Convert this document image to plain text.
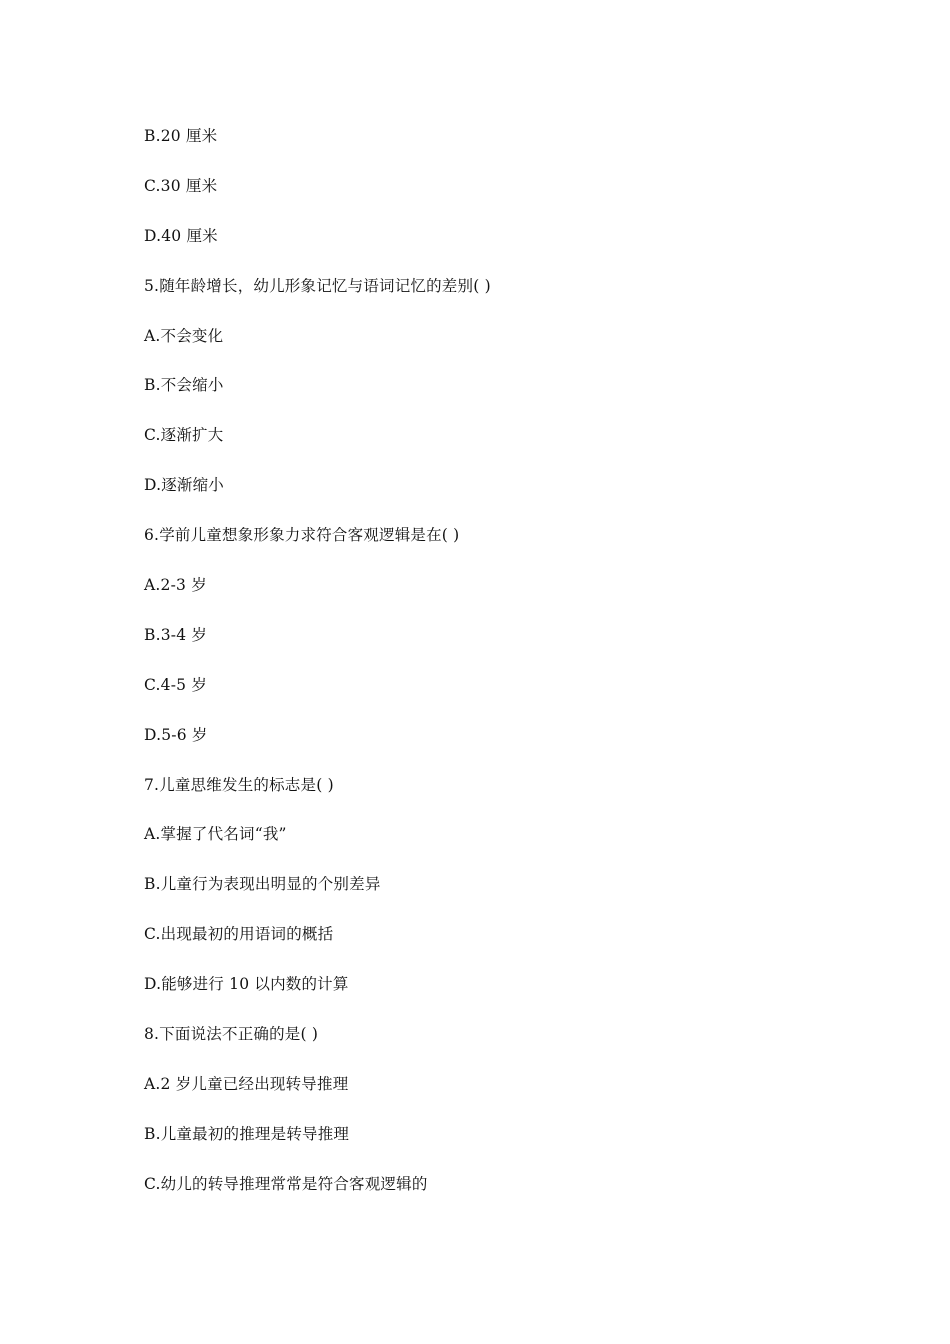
B.20 厘米
C.30 厘米
D.40 厘米
5.随年龄增长，幼儿形象记忆与语词记忆的差别( )
A.不会变化
B.不会缩小
C.逐渐扩大
D.逐渐缩小
6.学前儿童想象形象力求符合客观逻辑是在( )
A.2-3 岁
B.3-4 岁
C.4-5 岁
D.5-6 岁
7.儿童思维发生的标志是( )
A.掌握了代名词“我”
B.儿童行为表现出明显的个别差异
C.出现最初的用语词的概括
D.能够进行 10 以内数的计算
8.下面说法不正确的是( )
A.2 岁儿童已经出现转导推理
B.儿童最初的推理是转导推理
C.幼儿的转导推理常常是符合客观逻辑的
